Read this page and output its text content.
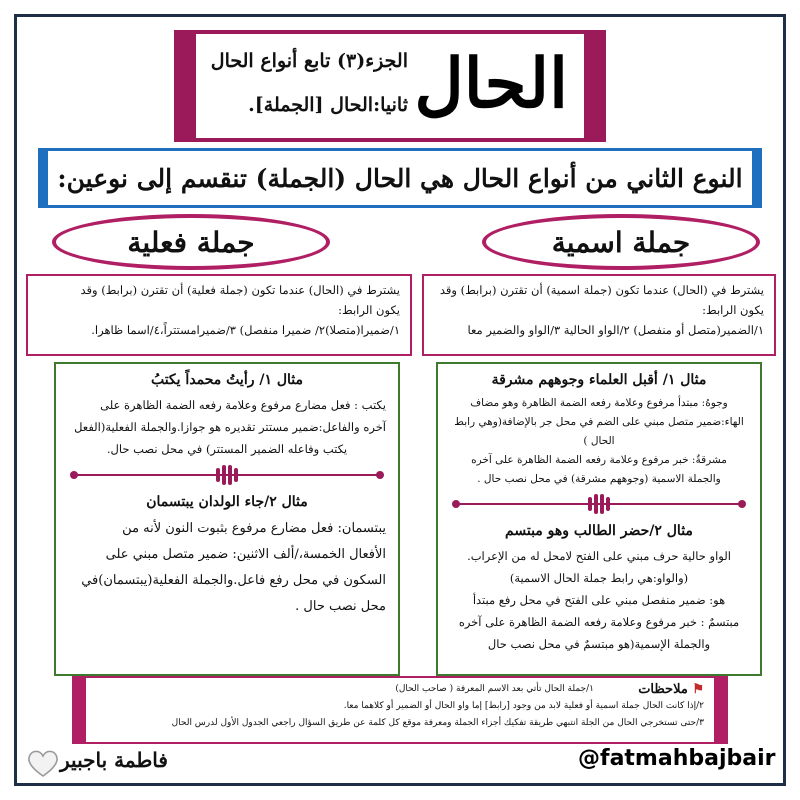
الحال
الجزء(٣) تابع أنواع الحال
ثانيا:الحال [الجملة].
النوع الثاني من أنواع الحال هي الحال (الجملة) تنقسم إلى نوعين:
جملة اسمية
جملة فعلية

يشترط في (الحال) عندما تكون (جملة اسمية) أن تقترن (برابط) وقد

يكون الرابط:

١/الضمير(متصل أو منفصل) ٢/الواو الحالية ٣/الواو والضمير معا

يشترط في (الحال) عندما تكون (جملة فعلية) أن تقترن (برابط) وقد

يكون الرابط:

١/ضميرا(متصلا)٢/ ضميرا منفصل) ٣/ضميرامستتراً،٤/اسما ظاهرا.

مثال ١/ أقبل العلماء وجوههم مشرقة
وجوهُ: مبتدأ مرفوع وعلامة رفعه الضمة الظاهرة وهو مضاف
الهاء:ضمير متصل مبني على الضم في محل جر بالإضافة(وهي رابط الحال )
مشرقةٌ: خبر مرفوع وعلامة رفعه الضمة الظاهرة على آخره
والجملة الاسمية (وجوههم مشرقة) في محل نصب حال .
مثال ٢/حضر الطالب وهو مبتسم
الواو حالية حرف مبني على الفتح لامحل له من الإعراب.
(والواو:هي رابط جملة الحال الاسمية)
هو: ضمير منفصل مبني على الفتح في محل رفع مبتدأ
مبتسمٌ : خبر مرفوع وعلامة رفعه الضمة الظاهرة على آخره
والجملة الإسمية(هو مبتسمٌ في محل نصب حال
مثال ١/ رأيتُ محمداً يكتبُ
يكتب : فعل مضارع مرفوع وعلامة رفعه الضمة الظاهرة على
آخره والفاعل:ضمير مستتر تقديره هو جوازا.والجملة الفعلية(الفعل
يكتب وفاعله الضمير المستتر) في محل نصب حال.
مثال ٢/جاء الولدان يبتسمان
يبتسمان: فعل مضارع مرفوع بثبوت النون لأنه من
الأفعال الخمسة،/ألف الاثنين: ضمير متصل مبني على
السكون في محل رفع فاعل.والجملة الفعلية(يبتسمان)في
محل نصب حال .
⚑ ملاحظات
١/جملة الحال تأتي بعد الاسم المعرفة ( صاحب الحال)
٢/إذا كانت الحال جملة اسمية أو فعلية لابد من وجود [رابط] إما واو الحال أو الضمير أو كلاهما معا.
٣/حتى تستخرجي الحال من الجلة انتبهي طريقة تفكيك أجزاء الجملة ومعرفة موقع كل كلمة عن طريق السؤال راجعي الجدول الأول لدرس الحال
@fatmahbajbair
فاطمة باجبير
